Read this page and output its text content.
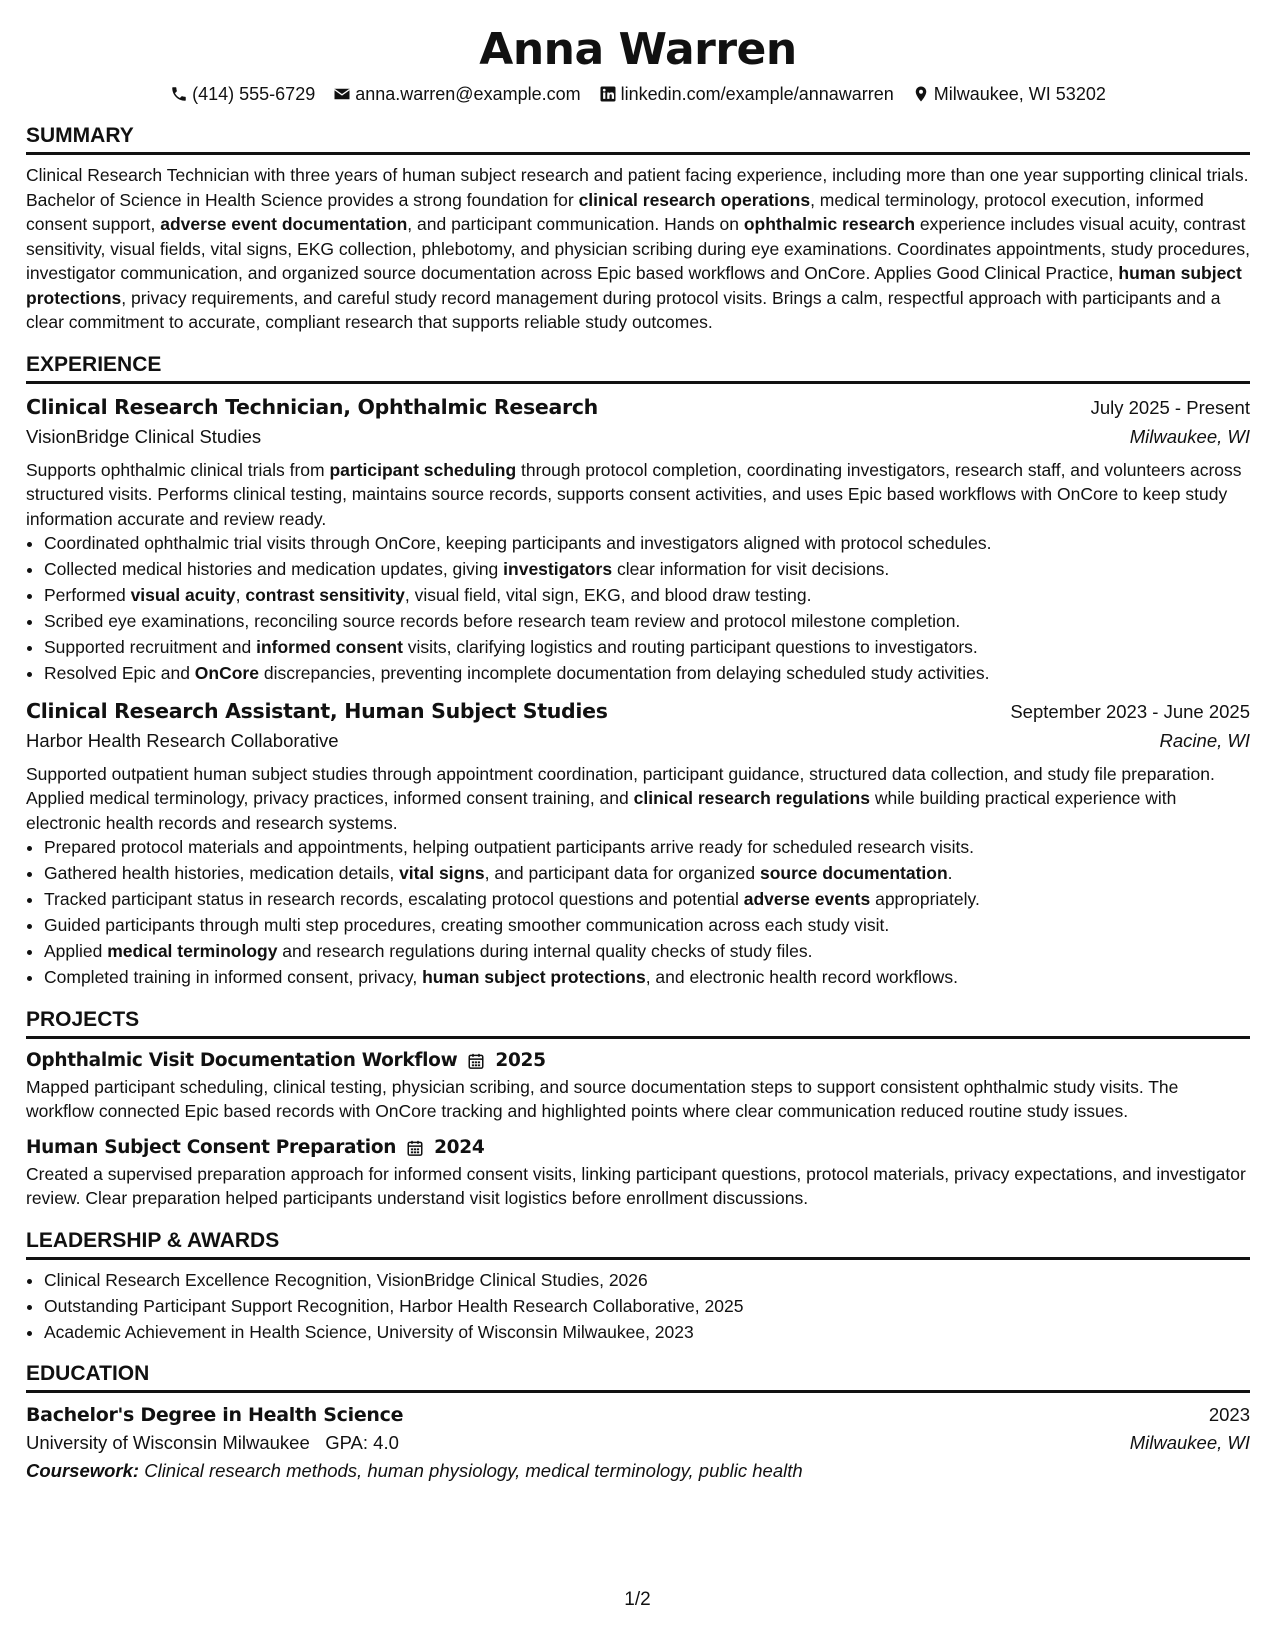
Anna Warren
(414) 555-6729 anna.warren@example.com linkedin.com/example/annawarren Milwaukee, WI 53202
SUMMARY

Clinical Research Technician with three years of human subject research and patient facing experience, including more than one year supporting clinical trials. Bachelor of Science in Health Science provides a strong foundation for clinical research operations, medical terminology, protocol execution, informed consent support, adverse event documentation, and participant communication. Hands on ophthalmic research experience includes visual acuity, contrast sensitivity, visual fields, vital signs, EKG collection, phlebotomy, and physician scribing during eye examinations. Coordinates appointments, study procedures, investigator communication, and organized source documentation across Epic based workflows and OnCore. Applies Good Clinical Practice, human subject protections, privacy requirements, and careful study record management during protocol visits. Brings a calm, respectful approach with participants and a clear commitment to accurate, compliant research that supports reliable study outcomes.

EXPERIENCE
Clinical Research Technician, Ophthalmic Research	July 2025 - Present
VisionBridge Clinical Studies	Milwaukee, WI

Supports ophthalmic clinical trials from participant scheduling through protocol completion, coordinating investigators, research staff, and volunteers across structured visits. Performs clinical testing, maintains source records, supports consent activities, and uses Epic based workflows with OnCore to keep study information accurate and review ready.

• Coordinated ophthalmic trial visits through OnCore, keeping participants and investigators aligned with protocol schedules.
• Collected medical histories and medication updates, giving investigators clear information for visit decisions.
• Performed visual acuity, contrast sensitivity, visual field, vital sign, EKG, and blood draw testing.
• Scribed eye examinations, reconciling source records before research team review and protocol milestone completion.
• Supported recruitment and informed consent visits, clarifying logistics and routing participant questions to investigators.
• Resolved Epic and OnCore discrepancies, preventing incomplete documentation from delaying scheduled study activities.
Clinical Research Assistant, Human Subject Studies	September 2023 - June 2025
Harbor Health Research Collaborative	Racine, WI

Supported outpatient human subject studies through appointment coordination, participant guidance, structured data collection, and study file preparation. Applied medical terminology, privacy practices, informed consent training, and clinical research regulations while building practical experience with electronic health records and research systems.

• Prepared protocol materials and appointments, helping outpatient participants arrive ready for scheduled research visits.
• Gathered health histories, medication details, vital signs, and participant data for organized source documentation.
• Tracked participant status in research records, escalating protocol questions and potential adverse events appropriately.
• Guided participants through multi step procedures, creating smoother communication across each study visit.
• Applied medical terminology and research regulations during internal quality checks of study files.
• Completed training in informed consent, privacy, human subject protections, and electronic health record workflows.
PROJECTS
Ophthalmic Visit Documentation Workflow 2025

Mapped participant scheduling, clinical testing, physician scribing, and source documentation steps to support consistent ophthalmic study visits. The workflow connected Epic based records with OnCore tracking and highlighted points where clear communication reduced routine study issues.

Human Subject Consent Preparation 2024

Created a supervised preparation approach for informed consent visits, linking participant questions, protocol materials, privacy expectations, and investigator review. Clear preparation helped participants understand visit logistics before enrollment discussions.

LEADERSHIP & AWARDS
• Clinical Research Excellence Recognition, VisionBridge Clinical Studies, 2026
• Outstanding Participant Support Recognition, Harbor Health Research Collaborative, 2025
• Academic Achievement in Health Science, University of Wisconsin Milwaukee, 2023
EDUCATION
Bachelor's Degree in Health Science	2023
University of Wisconsin Milwaukee GPA: 4.0	Milwaukee, WI
Coursework: Clinical research methods, human physiology, medical terminology, public health
1/2
